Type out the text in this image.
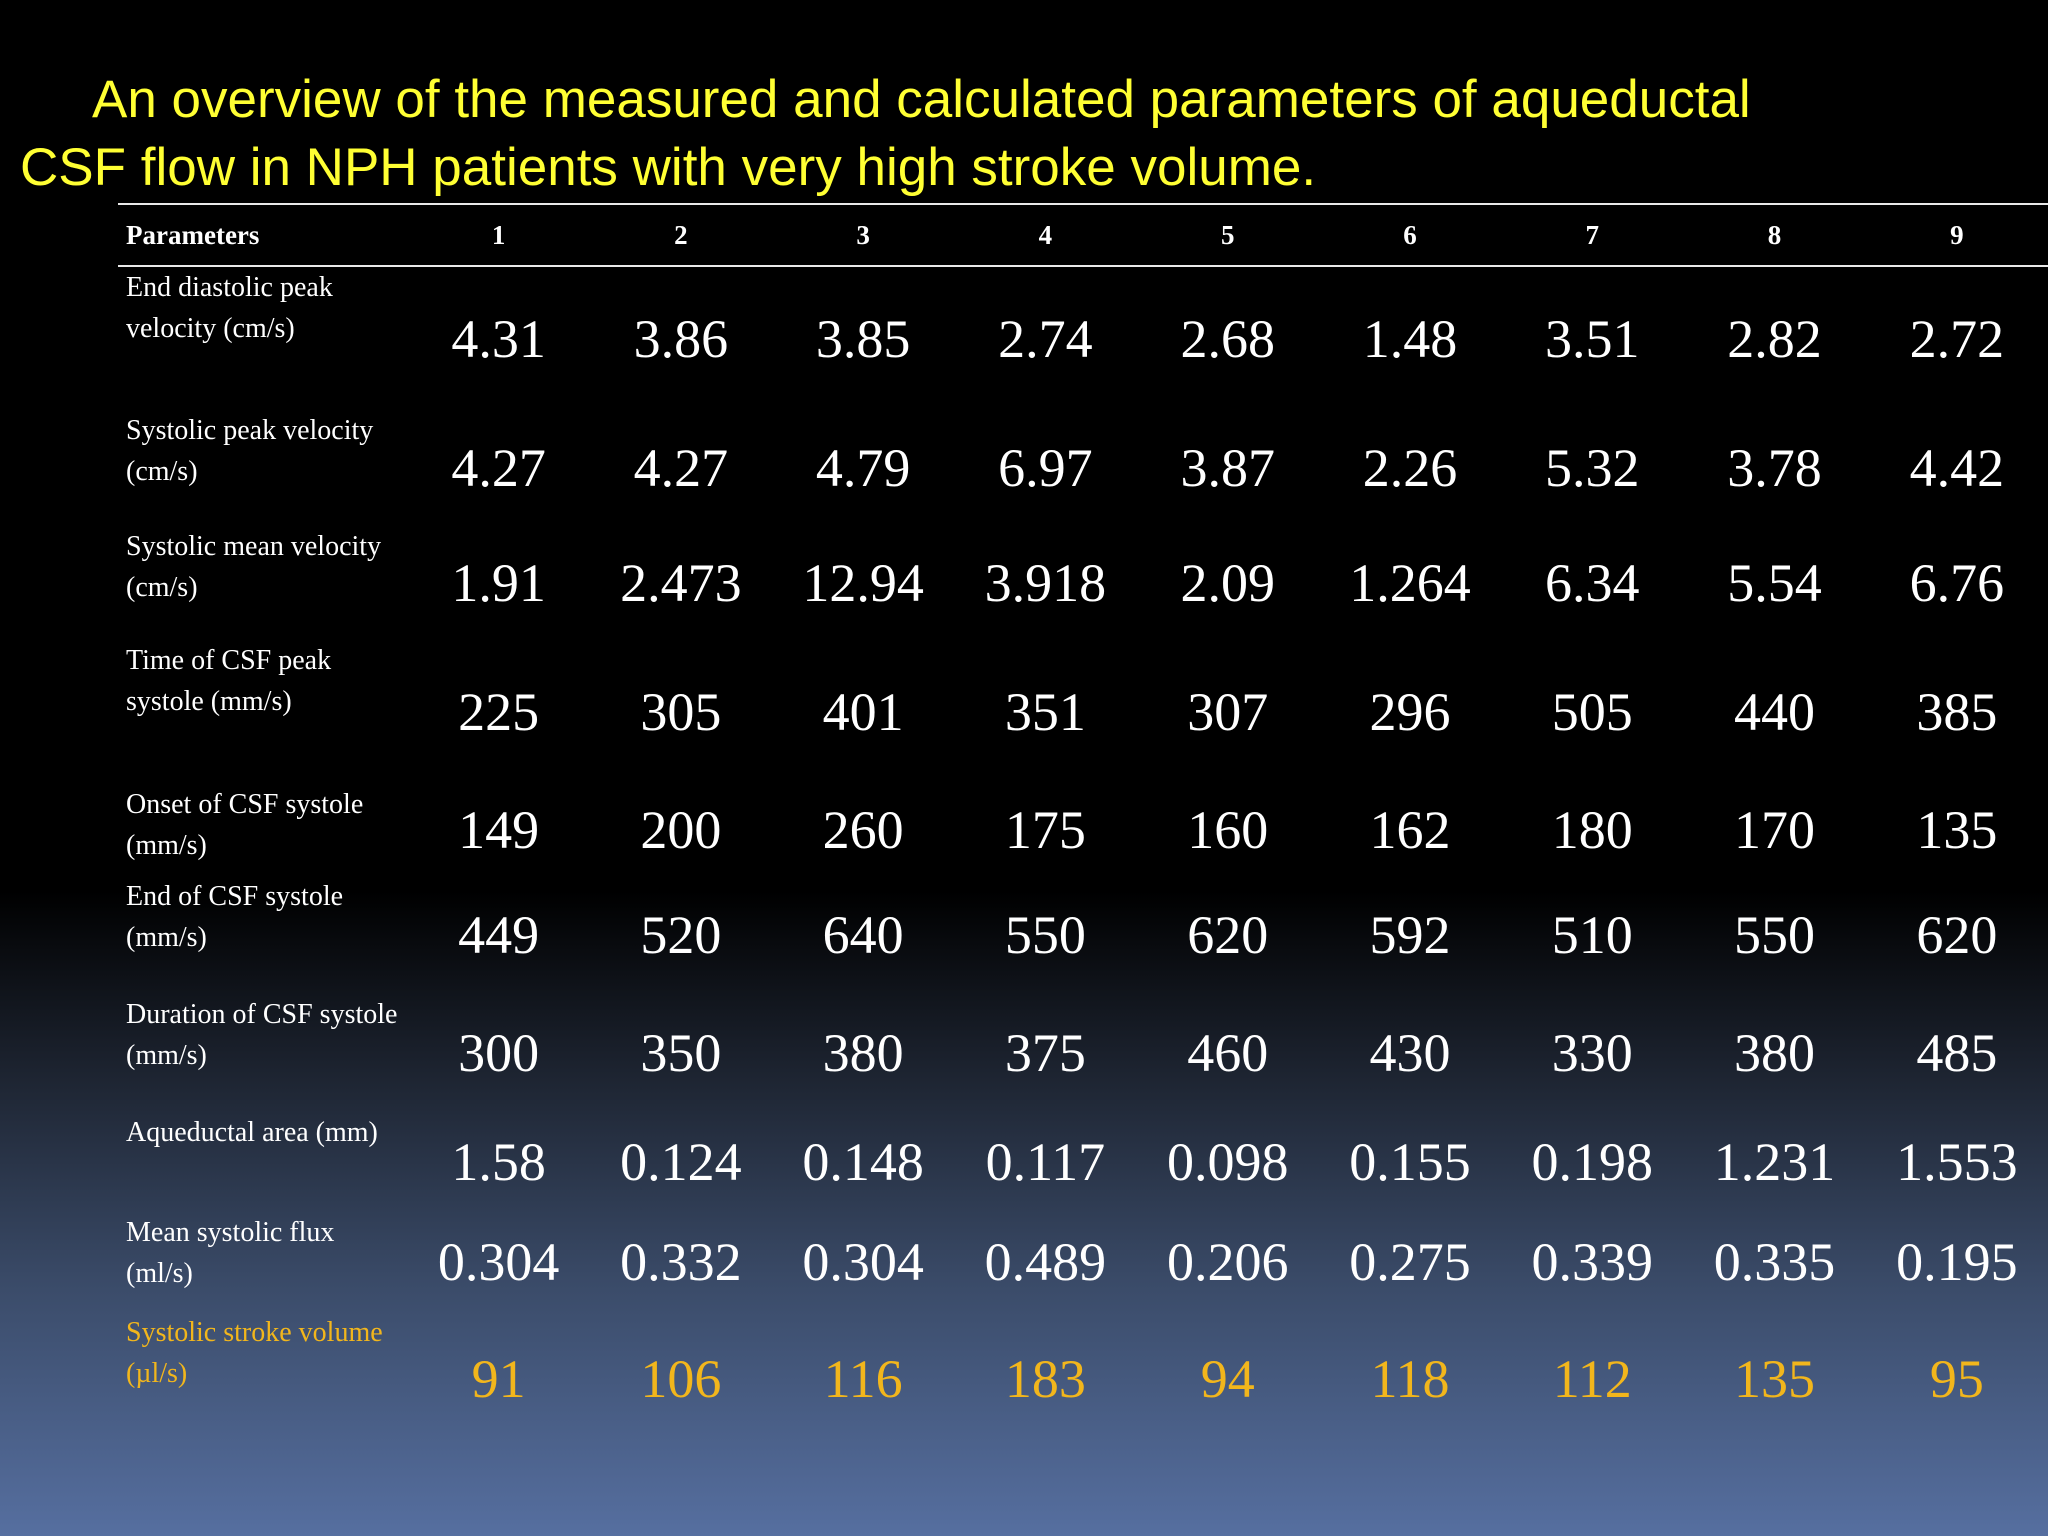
An overview of the measured and calculated parameters of aqueductal
CSF flow in NPH patients with very high stroke volume.
Parameters	1	2	3	4	5	6	7	8	9
End diastolic peak velocity (cm/s)	4.31	3.86	3.85	2.74	2.68	1.48	3.51	2.82	2.72
Systolic peak velocity (cm/s)	4.27	4.27	4.79	6.97	3.87	2.26	5.32	3.78	4.42
Systolic mean velocity (cm/s)	1.91	2.473	12.94	3.918	2.09	1.264	6.34	5.54	6.76
Time of CSF peak systole (mm/s)	225	305	401	351	307	296	505	440	385
Onset of CSF systole (mm/s)	149	200	260	175	160	162	180	170	135
End of CSF systole (mm/s)	449	520	640	550	620	592	510	550	620
Duration of CSF systole (mm/s)	300	350	380	375	460	430	330	380	485
Aqueductal area (mm)	1.58	0.124	0.148	0.117	0.098	0.155	0.198	1.231	1.553
Mean systolic flux (ml/s)	0.304	0.332	0.304	0.489	0.206	0.275	0.339	0.335	0.195
Systolic stroke volume (µl/s)	91	106	116	183	94	118	112	135	95
